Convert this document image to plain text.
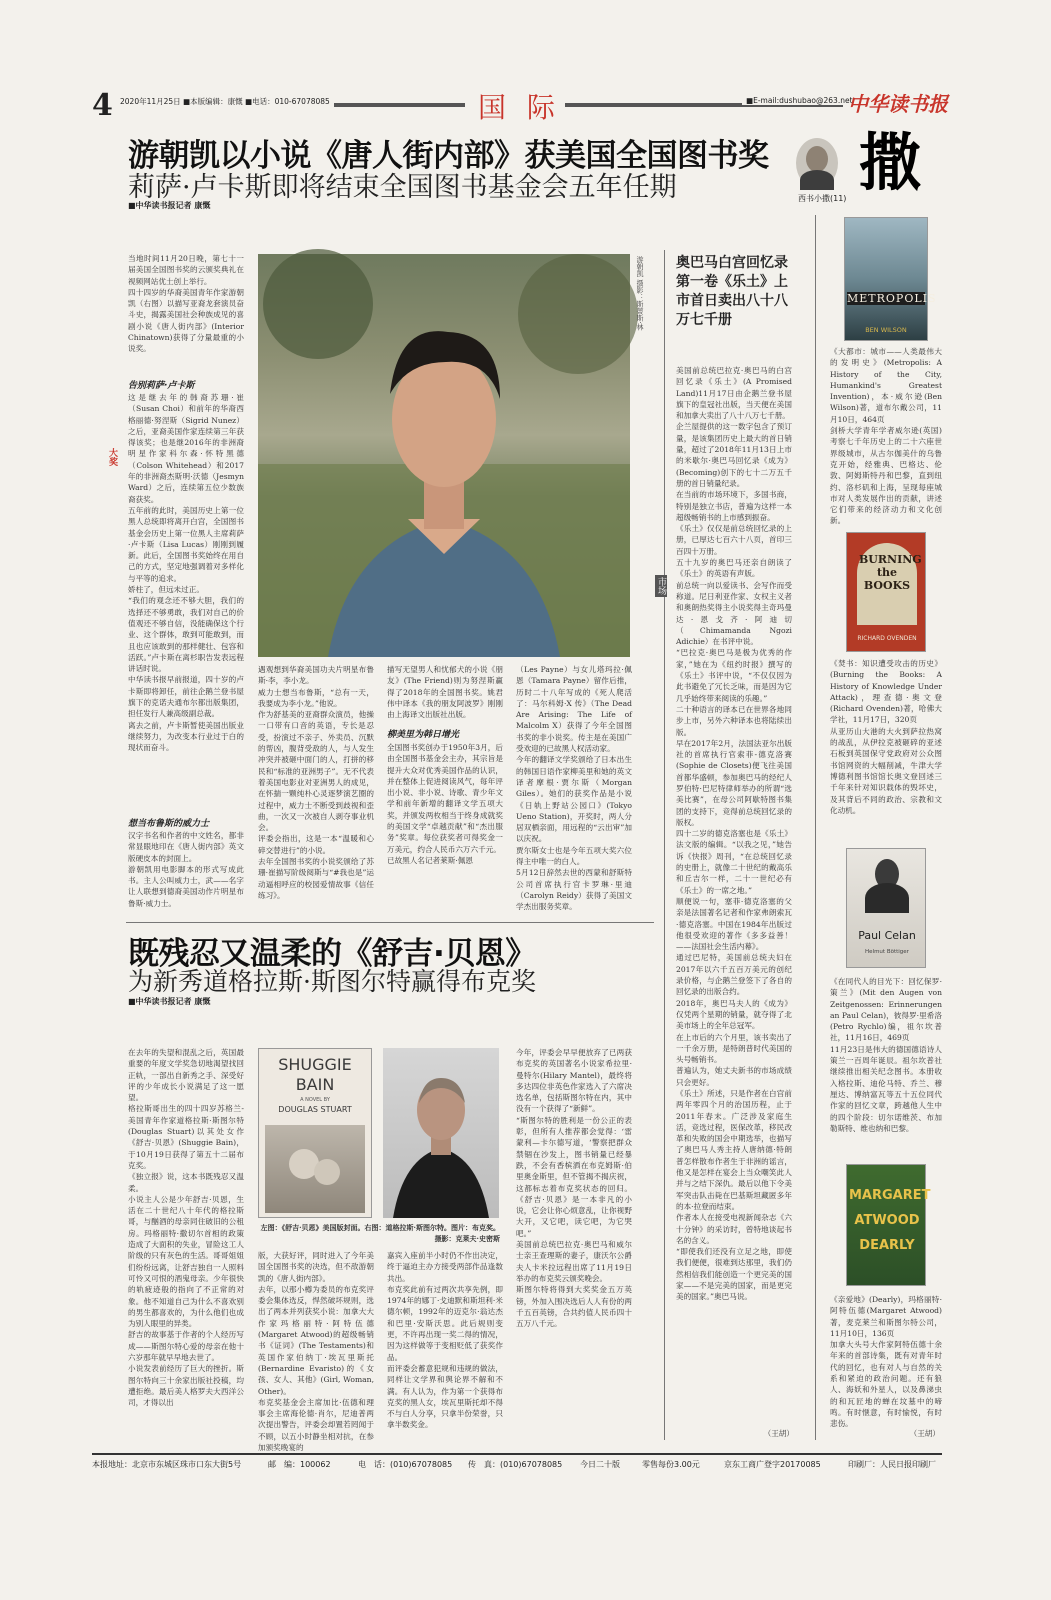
4 2020年11月25日 ■本版编辑：康慨 ■电话：010-67078085	国 际	■E-mail:dushubao@263.net
中华读书报
游朝凯以小说《唐人街内部》获美国全国图书奖
莉萨·卢卡斯即将结束全国图书基金会五年任期
■中华读书报记者 康慨
撒
西书小撒(11)
大奖
当地时间11月20日晚，第七十一届美国全国图书奖的云颁奖典礼在视频网站优土创上举行。
四十四岁的华裔美国青年作家游朝凯（右图）以描写亚裔龙套演员奋斗史，揭露美国社会种族成见的喜剧小说《唐人街内部》(Interior Chinatown)获得了分量最重的小说奖。
告别莉萨·卢卡斯
这是继去年的韩裔苏珊·崔（Susan Choi）和前年的华裔西格丽德·努涅斯（Sigrid Nunez）之后，亚裔美国作家连续第三年获得该奖；也是继2016年的非洲裔明星作家科尔森·怀特黑德（Colson Whitehead）和2017年的非洲裔杰斯明·沃德（Jesmyn Ward）之后，连续第五位少数族裔获奖。
五年前的此时，美国历史上第一位黑人总统即将离开白宫，全国图书基金会历史上第一位黑人主席莉萨·卢卡斯（Lisa Lucas）刚刚到履新。此后，全国图书奖始终在用自己的方式，坚定地强调着对多样化与平等的追求。
娇柱了，但远未过正。
“我们的观念还不够大胆，我们的选择还不够勇敢，我们对自己的价值观还不够自信，没能确保这个行业、这个群体，敢到可能敢到，而且也应该敢到的那样健壮、包容和活跃。”卢卡斯在离杉职告发表远程讲话时说。
中华读书报早前报道，四十岁的卢卡斯即将卸任，前往企鹅兰登书屋旗下的克诺夫通布尔都出版集团，担任发行人兼高级副总裁。
离去之前，卢卡斯暂使美国出版业继续努力，为改变本行业过于白的现状而奋斗。
想当布鲁斯的威力士
汉字书名和作者的中文姓名，都非常显眼地印在《唐人街内部》英文版硬皮本的封面上。
游朝凯用电影脚本的形式写成此书。主人公叫威力士，武——名字让人联想到德裔美国动作片明星布鲁斯·威力士。
游朝凯 摄影：斯蒂斯·林
遇观想到华裔美国功夫片明星布鲁斯·李，李小龙。
威力士想当布鲁斯，“总有一天，我要成为李小龙。”他说。
作为舒基美的亚裔群众演员，他操一口带有口音的英语，专长是忍受，扮演过不亲子、外卖员、沉默的帮凶，腹背受敌的人，与人发生冲突并被砸中面门的人，打拼的移民和“标准的亚洲男子”。无不代表着美国电影业对亚洲男人的成见，在怀揣一颗纯朴心灵逐梦演艺圈的过程中，威力士不断受到歧视和歪曲，一次又一次被自人剥夺事业机会。
评委会指出，这是一本“温暖和心碎交替进行”的小说。
去年全国图书奖的小说奖颁给了苏珊·崔描写阶级阅斯与“#我也是”运动逼相呼应的校园爱情故事《信任练习》。
描写无望男人和忧郁犬的小说《朋友》(The Friend)则为努涅斯赢得了2018年的全国图书奖。姚君伟中译本《我的朋友阿波罗》刚刚由上海译文出版社出版。
柳美里为韩日增光
全国图书奖创办于1950年3月，后由全国图书基金会主办，其宗旨是提升大众对优秀美国作品的认识，并在整体上促进阅读风气，每年评出小说、非小说、诗歌、青少年文学和前年新增的翻译文学五项大奖，并颁发两枚相当于终身成就奖的美国文学“卓越贡献”和“杰出服务”奖章。每位获奖者可得奖金一万美元，约合人民币六万六千元。
已故黑人名记者莱斯·佩恩
（Les Payne）与女儿塔玛拉·佩恩（Tamara Payne）留作后推，历时二十八年写成的《死人爬活了：马尔科姆·X 传》（The Dead Are Arising: The Life of Malcolm X）获得了今年全国图书奖的非小说奖。传主是在美国广受欢迎的已故黑人权活动家。
今年的翻译文学奖颁给了日本出生的韩国日语作家柳美里和她的英文译者摩根·贾尔斯（Morgan Giles）。她们的获奖作品是小说《日轨上野站公园口》(Tokyo Ueno Station)，开奖时，两人分居双栖亲面，用远程的“云出审”加以庆祝。
贾尔斯女士也是今年五项大奖六位得主中唯一的白人。
5月12日辞然去世的西蒙和舒斯特公司首席执行官卡罗琳·里迪（Carolyn Reidy）获得了美国文学杰出服务奖章。
市场
奥巴马白宫回忆录第一卷《乐土》上市首日卖出八十八万七千册
美国前总统巴拉克·奥巴马的白宫回忆录《乐土》(A Promised Land)11月17日由企鹅兰登书屋旗下的皇冠社出版，当天便在美国和加拿大卖出了八十八万七千册。
企兰屋提供的这一数字包含了预订量，是该集团历史上最大的首日销量，超过了2018年11月13日上市的米歇尔·奥巴马回忆录《成为》(Becoming)创下的七十二万五千册的首日销量纪录。
在当前的市场环境下，多国书商，特别是独立书店，普遍为这样一本超级畅销书的上市感到振奋。
《乐土》仅仅是前总统回忆录的上册，已厚达七百六十八页，首印三百四十万册。
五十九岁的奥巴马还亲自朗读了《乐土》的英语有声版。
前总统一向以爱读书、会写作而受称道。尼日利亚作家、女权主义者和奥朗热奖得主小说奖得主奇玛曼达·恩戈齐·阿迪切（Chimamanda Ngozi Adichie）在书评中说。
“巴拉克·奥巴马是极为优秀的作家，”她在为《纽约时报》撰写的《乐土》书评中说，“不仅仅因为此书避免了冗长乏味，而是因为它几乎始终带来阅读的乐趣。”
二十种语言的译本已在世界各地同步上市，另外六种译本也将陆续出版。
早在2017年2月，法国法亚尔出版社的首席执行官索菲-德克洛赛(Sophie de Closets)便飞往美国首都华盛顿，参加奥巴马的经纪人罗伯特·巴尼特律师举办的所谓“选美比赛”，在母公司阿歇特图书集团的支持下，竞得前总统回忆录的版权。
四十二岁的德克洛塞也是《乐土》法文版的编辑。“以我之见，”她告诉《快报》周刊，“在总统回忆录的史册上，就像二十世纪的戴高乐和丘吉尔一样，二十一世纪必有《乐土》的一席之地。”
顺便说一句，塞菲·德克洛塞的父亲是法国著名记者和作家弗朗索瓦·德克洛塞。中国在1984年出版过他很受欢迎的著作《多多益善！——法国社会生活内幕》。
通过巴尼特，美国前总统夫妇在2017年以六千五百万美元的创纪录价格，与企鹅兰登签下了各自的回忆录的出版合约。
2018年，奥巴马夫人的《成为》仅凭两个星期的销量，就夺得了北美市场上的全年总冠军。
在上市后的六个月里，该书卖出了一千余万册，是特朗普时代美国的头号畅销书。
普遍认为，她丈夫新书的市场成绩只会更好。
《乐土》所述，只是作者在白宫前两年零四个月的治国历程，止于2011年春末。广泛涉及家庭生活，竞选过程，医保改革，移民改革和失败的国会中期选举，也描写了奥巴马人秀主持人唐纳德·特朗普怎样散布作者生于非洲的谣言，他又是怎样在宴会上当众嘲笑此人并与之结下深仇。最后以他下令美军突击队击毙在巴基斯坦藏匿多年的本·拉登而结束。
作者本人在接受电视新闻杂志《六十分钟》的采访时，曾特地谈起书名的含义。
“即使我们还没有立足之地，即使我们便便，很难到达那里，我们仍然相信我们能创造一个更完美的国家——不是完美的国家，而是更完美的国家。”奥巴马说。
（王胡）
METROPOLIS
BEN WILSON
《大都市：城市——人类最伟大的发明史》(Metropolis: A History of the City, Humankind's Greatest Invention)，本·威尔逊(Ben Wilson)著，道布尔戴公司，11月10日，464页
剑桥大学青年学者威尔逊(英国)考察七千年历史上的二十六座世界级城市，从古尔伽美什的乌鲁克开始，经雅典、巴格达、伦敦、阿姆斯特丹和巴黎，直到纽约、洛杉矶和上海，呈现每座城市对人类发展作出的贡献，讲述它们带来的经济动力和文化创新。
BURNING the BOOKS
RICHARD OVENDEN
《焚书：知识遭受攻击的历史》(Burning the Books: A History of Knowledge Under Attack)，理查德·奥文登(Richard Ovenden)著，哈佛大学社，11月17日，320页
从亚历山大港的大火到萨拉热窝的战乱，从伊拉克被砸碎的亚述石板到英国保守党政府对公众图书馆网资的大幅削减，牛津大学博德利图书馆馆长奥文登回述三千年来针对知识载体的毁坏史，及其背后不同的政治、宗教和文化动机。
Paul Celan
Helmut Böttiger
《在同代人的目光下：回忆保罗·策兰》(Mit den Augen von Zeitgenossen: Erinnerungen an Paul Celan)，彼得罗·里希洛(Petro Rychlo)编，祖尔坎普社，11月16日，469页
11月23日是伟大的德国德语诗人策兰一百周年诞辰。祖尔坎普社继续推出相关纪念图书。本册收入格拉斯、迪伦马特、乔兰、穆厘达、博纳富瓦等五十五位同代作家的回忆文章，跨越他人生中的四个阶段：切尔诺维茨、布加勒斯特、维也纳和巴黎。
MARGARET ATWOOD DEARLY
《亲爱地》(Dearly)，玛格丽特·阿特伍德(Margaret Atwood)著，麦克莱兰和斯图尔特公司，11月10日，136页
加拿大头号大作家阿特伍德十余年来的首部诗集，既有对青年时代的回忆，也有对人与自然的关系和紧迫的政治问题。还有狼人、海妖和外星人，以及鼻涕虫的和瓦匠地的蝉在坟墓中的啼鸣。有时惬意，有时愉悦，有时悲伤。
（王胡）
既残忍又温柔的《舒吉·贝恩》
为新秀道格拉斯·斯图尔特赢得布克奖
■中华读书报记者 康慨
在去年的失望和混乱之后，英国最重要的年度文学奖急切地渴望找回正轨，一部出自新秀之手、深受好评的少年成长小说满足了这一愿望。
格拉斯哥出生的四十四岁苏格兰-美国青年作家道格拉斯·斯图尔特(Douglas Stuart)以其处女作《舒吉·贝恩》(Shuggie Bain)，于10月19日获得了第五十二届布克奖。
《独立报》说，这本书既残忍又温柔。
小说主人公是少年舒吉·贝恩，生活在二十世纪八十年代的格拉斯哥，与酗酒的母亲同住破旧的公租房。玛格丽特·撒切尔首相的政策造成了大面积的失业，冒险这工人阶级的只有灰色的生活。哥哥姐姐们纷纷远离，让舒吉独自一人照料可怜又可恨的酒鬼母亲。少年很快的轨疲迹般的指向了不正常的对象。他不知道自己为什么不喜欢别的男生都喜欢的，为什么他们也成为别人眼里的异类。
舒吉的故事基于作者的个人经历写成——斯图尔特心爱的母亲在他十六岁那年就早早地去世了。
小说发表前经历了巨大的挫折。斯图尔特向三十余家出版社投稿，均遭拒绝。最后美人格罗夫大西洋公司，才得以出
SHUGGIE BAIN
A NOVEL BY
DOUGLAS STUART
左图：《舒吉·贝恩》美国版封面。右图：道格拉斯·斯图尔特。图片：布克奖。摄影：克莱夫·史密斯
版，大获好评，同时进入了今年美国全国图书奖的决选，但不敌游朝凯的《唐人街内部》。
去年，以那小樽为委员的布克奖评委会集体选反，悍然破坏规则，选出了两本并列获奖小说：加拿大大作家玛格丽特·阿特伍德(Margaret Atwood)的超级畅销书《证词》(The Testaments)和英国作家伯纳丁·埃瓦里斯托(Bernardine Evaristo)的《女孩、女人、其他》(Girl, Woman, Other)。
布克奖基金会主席加比·伍德和理事会主席海伦德·肖尔，尼迪普两次提出警告，评委会却置若罔闻于不顾，以五小时静坐相对抗，在参加颁奖晚宴的
嘉宾入座前半小时仍不作出决定，终于逼迫主办方接受两部作品逢数共出。
布克奖此前有过两次共享先例，即1974年的娜丁·戈迪默和斯坦利·米德尔顿，1992年的迈克尔·翁达杰和巴里·安斯沃思。此后规则变更，不许再出现一奖二得的情况，因为这样做等于变相贬低了获奖作品。
而评委会蓄意犯规和违规的做法，同样让文学界和舆论界不解和不满。有人认为，作为第一个获得布克奖的黑人女，埃瓦里斯托却不得不与白人分享，只拿半份荣誉，只拿半数奖金。
今年，评委会早早便放弃了已两获布克奖的英国著名小说家希拉里·曼特尔(Hilary Mantel)，最终将多达四位非英色作家选入了六席决选名单，包括斯图尔特在内，其中没有一个获得了“新鲜”。
“斯图尔特的胜利是一份公正的表彰，但所有人推荐都会觉得：‘雷蒙利—卡尔德写道，‘警察把群众禁锢在沙发上，图书销量已经暴跌，不会有香槟洒在布克姆斯·伯里奥金斯里，但不管揭不揭庆祝，这都标志着布克奖状态的回归。《舒吉·贝恩》是一本非凡的小说，它会让你心烦意乱，让你视野大开，又它吧，读它吧，为它哭吧。”
美国前总统巴拉克·奥巴马和威尔士亲王查理斯的妻子，康沃尔公爵夫人卡米拉远程出席了11月19日举办的布克奖云颁奖晚会。
斯图尔特将得到大奖奖金五万英镑，外加入围决选后人人有份的两千五百英镑，合共约值人民币四十五万八千元。
本报地址：北京市东城区珠市口东大街5号	邮　编：100062	电　话：(010)67078085 传　真：(010)67078085 今日二十版	零售每份3.00元	京东工商广登字20170085	印刷厂：人民日报印刷厂
